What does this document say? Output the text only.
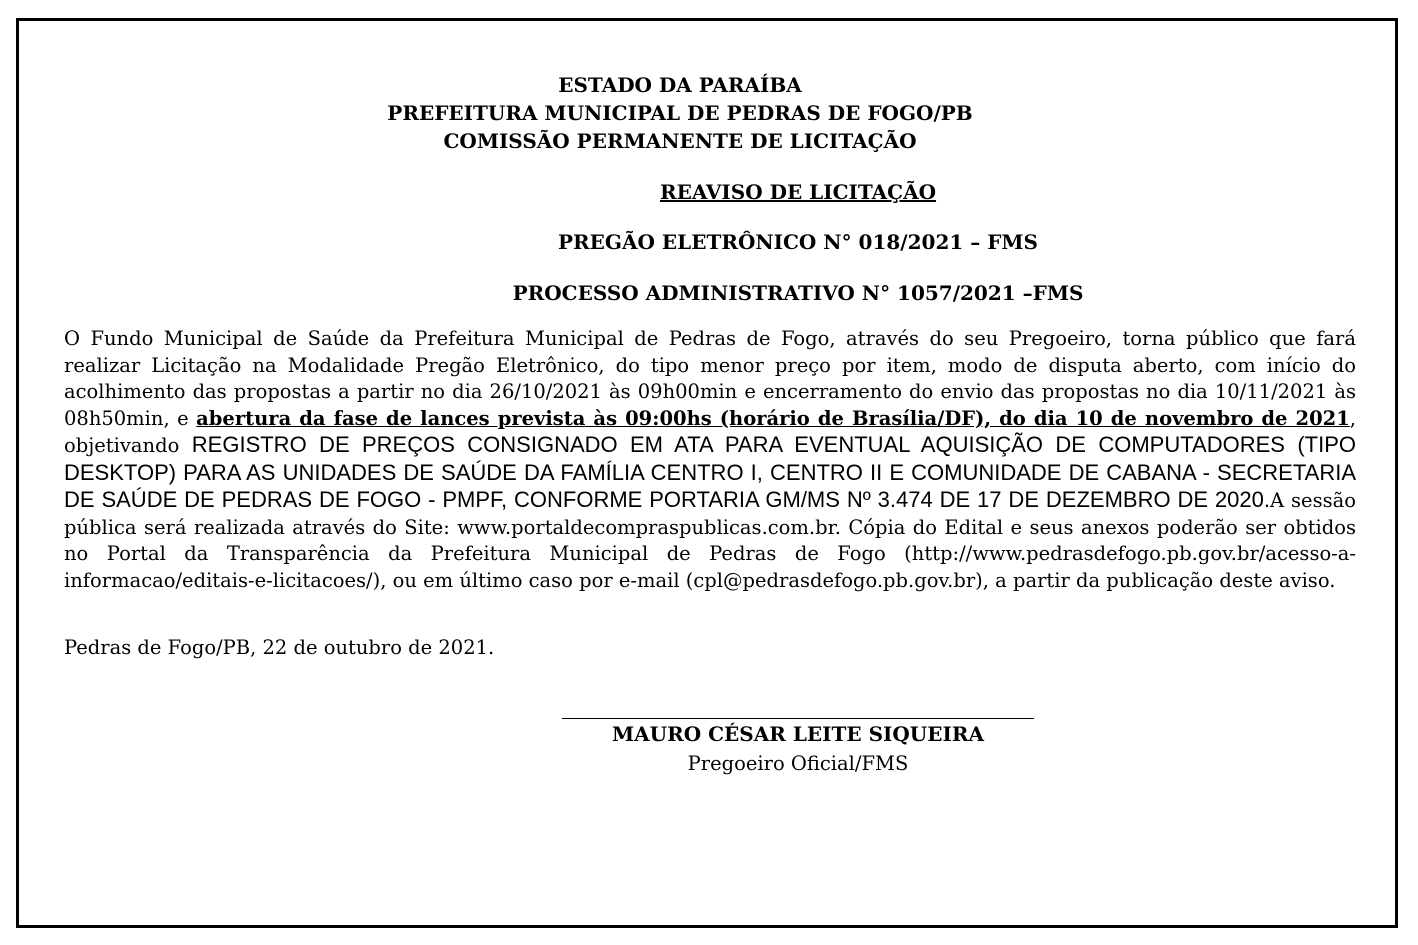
ESTADO DA PARAÍBA
PREFEITURA MUNICIPAL DE PEDRAS DE FOGO/PB
COMISSÃO PERMANENTE DE LICITAÇÃO
REAVISO DE LICITAÇÃO
PREGÃO ELETRÔNICO N° 018/2021 – FMS
PROCESSO ADMINISTRATIVO N° 1057/2021 –FMS

O Fundo Municipal de Saúde da Prefeitura Municipal de Pedras de Fogo, através do seu Pregoeiro, torna público que fará realizar Licitação na Modalidade Pregão Eletrônico, do tipo menor preço por item, modo de disputa aberto, com início do acolhimento das propostas a partir no dia 26/10/2021 às 09h00min e encerramento do envio das propostas no dia 10/11/2021 às 08h50min, e abertura da fase de lances prevista às 09:00hs (horário de Brasília/DF), do dia 10 de novembro de 2021, objetivando REGISTRO DE PREÇOS CONSIGNADO EM ATA PARA EVENTUAL AQUISIÇÃO DE COMPUTADORES (TIPO DESKTOP) PARA AS UNIDADES DE SAÚDE DA FAMÍLIA CENTRO I, CENTRO II E COMUNIDADE DE CABANA - SECRETARIA DE SAÚDE DE PEDRAS DE FOGO - PMPF, CONFORME PORTARIA GM/MS Nº 3.474 DE 17 DE DEZEMBRO DE 2020.A sessão pública será realizada através do Site: www.portaldecompraspublicas.com.br. Cópia do Edital e seus anexos poderão ser obtidos no Portal da Transparência da Prefeitura Municipal de Pedras de Fogo (http://www.pedrasdefogo.pb.gov.br/acesso-a-informacao/editais-e-licitacoes/), ou em último caso por e-mail (cpl@pedrasdefogo.pb.gov.br), a partir da publicação deste aviso.

Pedras de Fogo/PB, 22 de outubro de 2021.
MAURO CÉSAR LEITE SIQUEIRA
Pregoeiro Oficial/FMS
